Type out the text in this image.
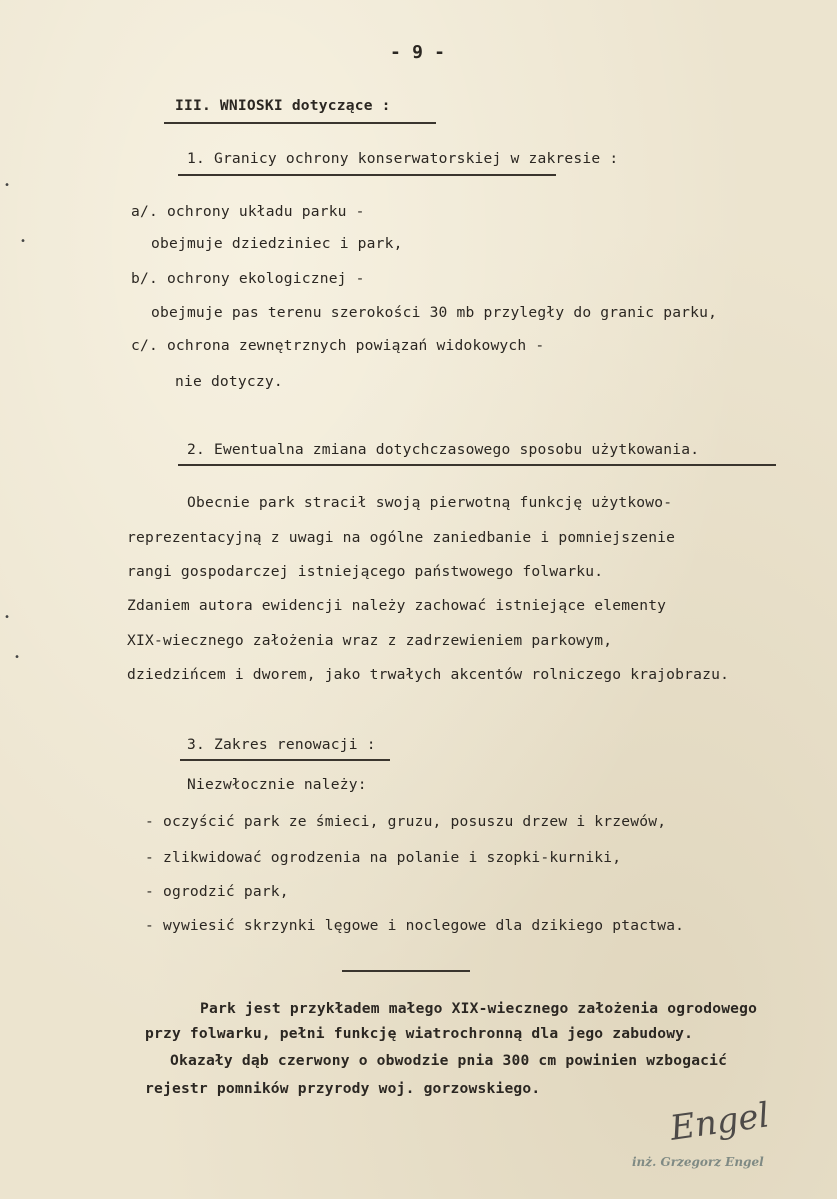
- 9 -
III. WNIOSKI dotyczące :
1. Granicy ochrony konserwatorskiej w zakresie :
a/. ochrony układu parku -
obejmuje dziedziniec i park,
b/. ochrony ekologicznej -
obejmuje pas terenu szerokości 30 mb przyległy do granic parku,
c/. ochrona zewnętrznych powiązań widokowych -
nie dotyczy.
2. Ewentualna zmiana dotychczasowego sposobu użytkowania.
Obecnie park stracił swoją pierwotną funkcję użytkowo-
reprezentacyjną z uwagi na ogólne zaniedbanie i pomniejszenie
rangi gospodarczej istniejącego państwowego folwarku.
Zdaniem autora ewidencji należy zachować istniejące elementy
XIX-wiecznego założenia wraz z zadrzewieniem parkowym,
dziedzińcem i dworem, jako trwałych akcentów rolniczego krajobrazu.
3. Zakres renowacji :
Niezwłocznie należy:
- oczyścić park ze śmieci, gruzu, posuszu drzew i krzewów,
- zlikwidować ogrodzenia na polanie i szopki-kurniki,
- ogrodzić park,
- wywiesić skrzynki lęgowe i noclegowe dla dzikiego ptactwa.
Park jest przykładem małego XIX-wiecznego założenia ogrodowego
przy folwarku, pełni funkcję wiatrochronną dla jego zabudowy.
Okazały dąb czerwony o obwodzie pnia 300 cm powinien wzbogacić
rejestr pomników przyrody woj. gorzowskiego.
Engel
inż. Grzegorz Engel
•
•
•
•
